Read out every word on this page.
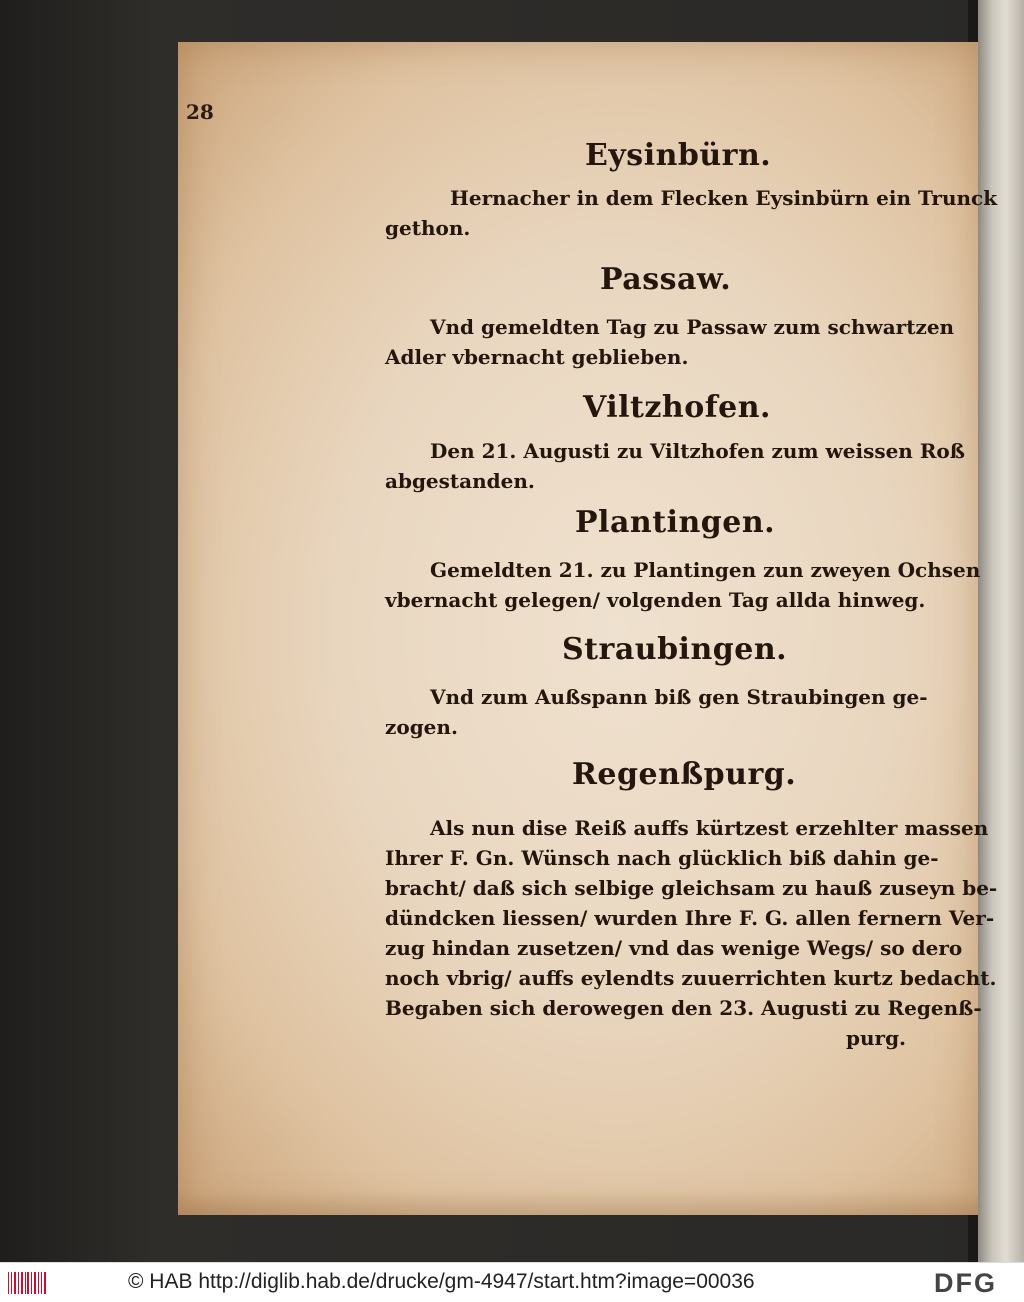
28
Eysinbürn.
Hernacher in dem Flecken Eysinbürn ein Trunck
gethon.
Passaw.
Vnd gemeldten Tag zu Passaw zum schwartzen
Adler vbernacht geblieben.
Viltzhofen.
Den 21. Augusti zu Viltzhofen zum weissen Roß
abgestanden.
Plantingen.
Gemeldten 21. zu Plantingen zun zweyen Ochsen
vbernacht gelegen/ volgenden Tag allda hinweg.
Straubingen.
Vnd zum Außspann biß gen Straubingen ge-
zogen.
Regenßpurg.
Als nun dise Reiß auffs kürtzest erzehlter massen
Ihrer F. Gn. Wünsch nach glücklich biß dahin ge-
bracht/ daß sich selbige gleichsam zu hauß zuseyn be-
dündcken liessen/ wurden Ihre F. G. allen fernern Ver-
zug hindan zusetzen/ vnd das wenige Wegs/ so dero
noch vbrig/ auffs eylendts zuuerrichten kurtz bedacht.
Begaben sich derowegen den 23. Augusti zu Regenß-
purg.
© HAB http://diglib.hab.de/drucke/gm-4947/start.htm?image=00036	DFG
